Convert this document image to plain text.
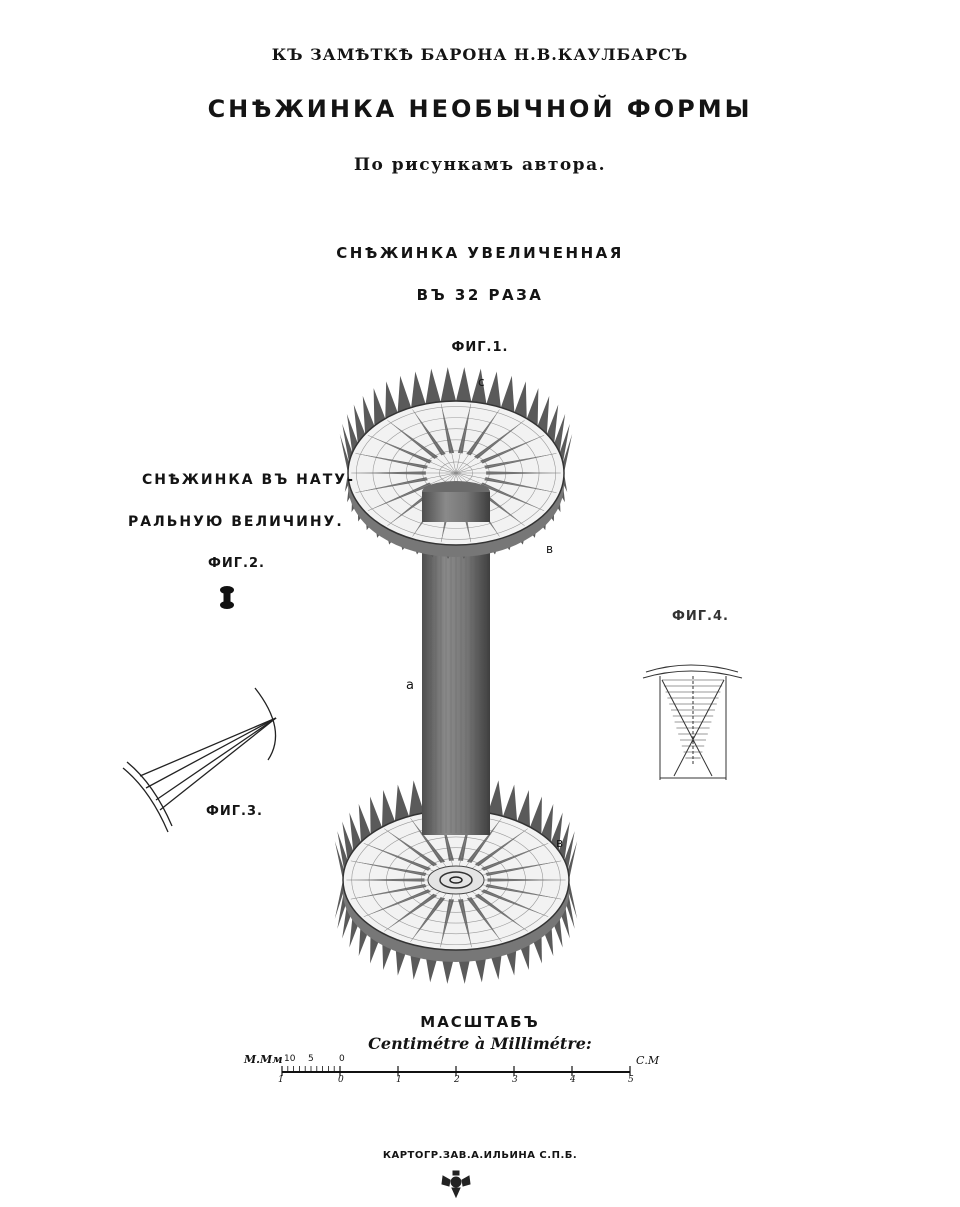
КЪ ЗАМѢТКѢ БАРОНА Н.В.КАУЛБАРСЪ
СНѢЖИНКА НЕОБЫЧНОЙ ФОРМЫ
По рисункамъ автора.
СНѢЖИНКА УВЕЛИЧЕННАЯ
ВЪ 32 РАЗА
ФИГ.1.
c
в
а
в
СНѢЖИНКА ВЪ НАТУ-
РАЛЬНУЮ ВЕЛИЧИНУ.
ФИГ.2.
ФИГ.3.
ФИГ.4.
МАСШТАБЪ
Centimétre à Millimétre:
М.Мм	С.М
10 5	0
1	0	1	2	3	4	5
КАРТОГР.ЗАВ.А.ИЛЬИНА С.П.Б.
